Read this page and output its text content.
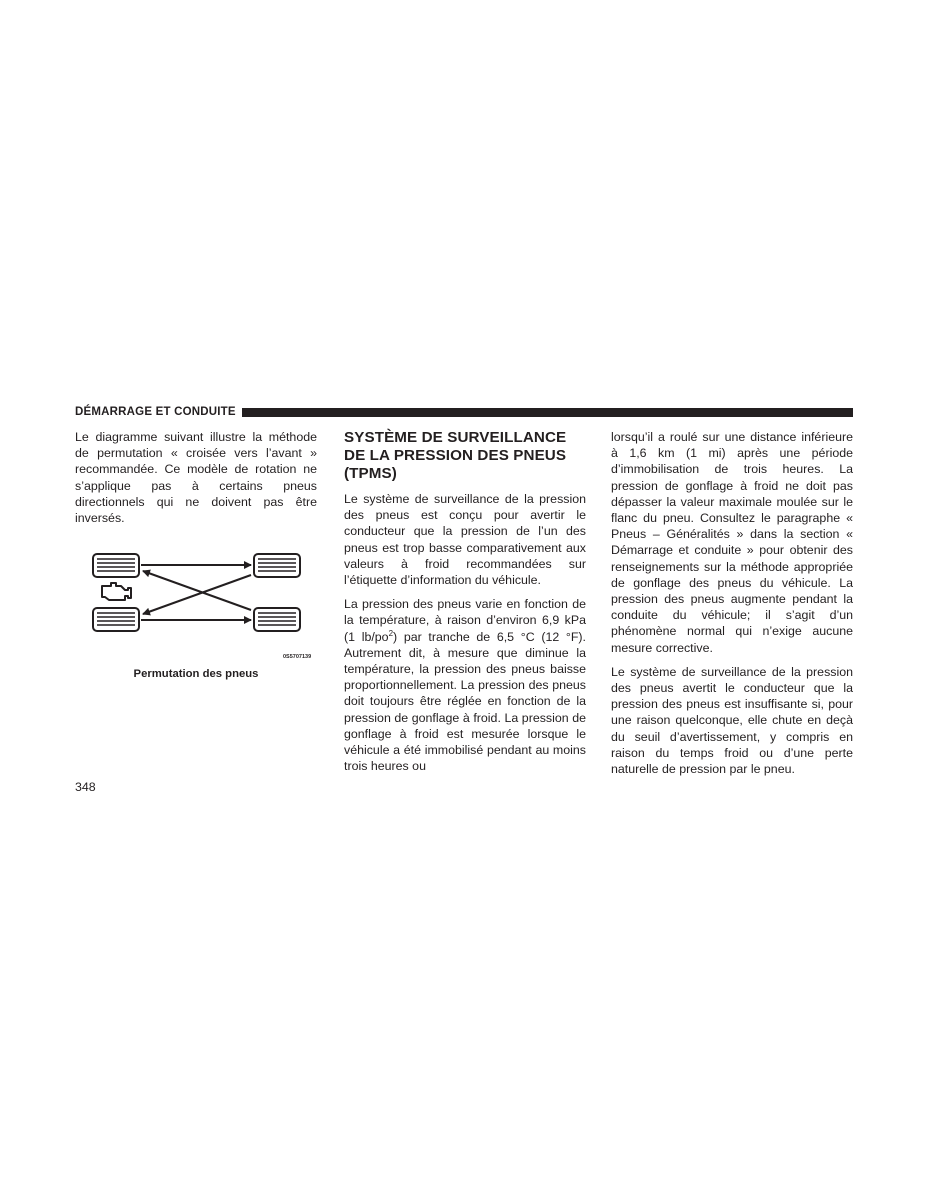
DÉMARRAGE ET CONDUITE

Le diagramme suivant illustre la méthode de permutation « croisée vers l’avant » recommandée. Ce modèle de rotation ne s’applique pas à certains pneus directionnels qui ne doivent pas être inversés.

0S5707139
Permutation des pneus
SYSTÈME DE SURVEILLANCE DE LA PRESSION DES PNEUS (TPMS)

Le système de surveillance de la pression des pneus est conçu pour avertir le conducteur que la pression de l’un des pneus est trop basse comparativement aux valeurs à froid recommandées sur l’étiquette d’information du véhicule.

La pression des pneus varie en fonction de la température, à raison d’environ 6,9 kPa (1 $lb/po^2$) par tranche de 6,5 °C (12 °F). Autrement dit, à mesure que diminue la température, la pression des pneus baisse proportionnellement. La pression des pneus doit toujours être réglée en fonction de la pression de gonflage à froid. La pression de gonflage à froid est mesurée lorsque le véhicule a été immobilisé pendant au moins trois heures ou

lorsqu’il a roulé sur une distance inférieure à 1,6 km (1 mi) après une période d’immobilisation de trois heures. La pression de gonflage à froid ne doit pas dépasser la valeur maximale moulée sur le flanc du pneu. Consultez le paragraphe « Pneus – Généralités » dans la section « Démarrage et conduite » pour obtenir des renseignements sur la méthode appropriée de gonflage des pneus du véhicule. La pression des pneus augmente pendant la conduite du véhicule; il s’agit d’un phénomène normal qui n’exige aucune mesure corrective.

Le système de surveillance de la pression des pneus avertit le conducteur que la pression des pneus est insuffisante si, pour une raison quelconque, elle chute en deçà du seuil d’avertissement, y compris en raison du temps froid ou d’une perte naturelle de pression par le pneu.

348
